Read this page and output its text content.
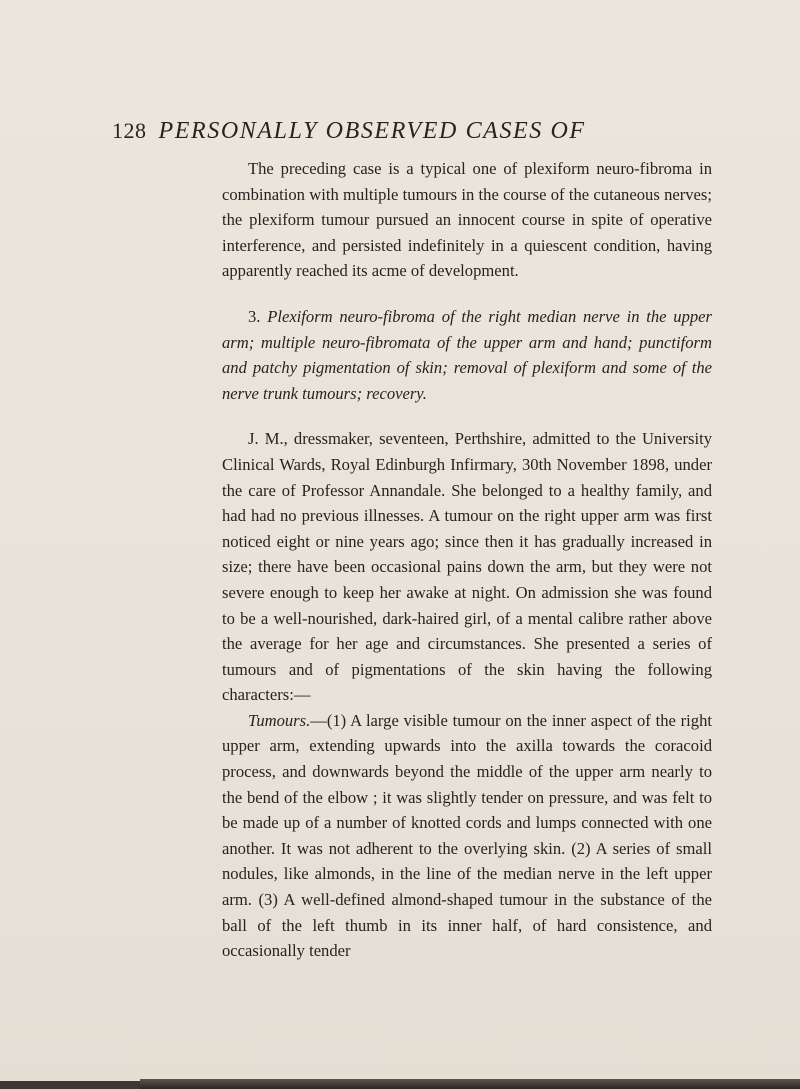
128 PERSONALLY OBSERVED CASES OF

The preceding case is a typical one of plexiform neuro-fibroma in combination with multiple tumours in the course of the cutaneous nerves; the plexiform tumour pursued an innocent course in spite of operative interference, and persisted indefinitely in a quiescent condition, having apparently reached its acme of development.

3. Plexiform neuro-fibroma of the right median nerve in the upper arm; multiple neuro-fibromata of the upper arm and hand; punctiform and patchy pigmentation of skin; removal of plexiform and some of the nerve trunk tumours; recovery.

J. M., dressmaker, seventeen, Perthshire, admitted to the University Clinical Wards, Royal Edinburgh Infirmary, 30th November 1898, under the care of Professor Annandale. She belonged to a healthy family, and had had no previous illnesses. A tumour on the right upper arm was first noticed eight or nine years ago; since then it has gradually increased in size; there have been occasional pains down the arm, but they were not severe enough to keep her awake at night. On admission she was found to be a well-nourished, dark-haired girl, of a mental calibre rather above the average for her age and circumstances. She presented a series of tumours and of pigmentations of the skin having the following characters:—

Tumours.—(1) A large visible tumour on the inner aspect of the right upper arm, extending upwards into the axilla towards the coracoid process, and downwards beyond the middle of the upper arm nearly to the bend of the elbow ; it was slightly tender on pressure, and was felt to be made up of a number of knotted cords and lumps connected with one another. It was not adherent to the overlying skin. (2) A series of small nodules, like almonds, in the line of the median nerve in the left upper arm. (3) A well-defined almond-shaped tumour in the substance of the ball of the left thumb in its inner half, of hard consistence, and occasionally tender
